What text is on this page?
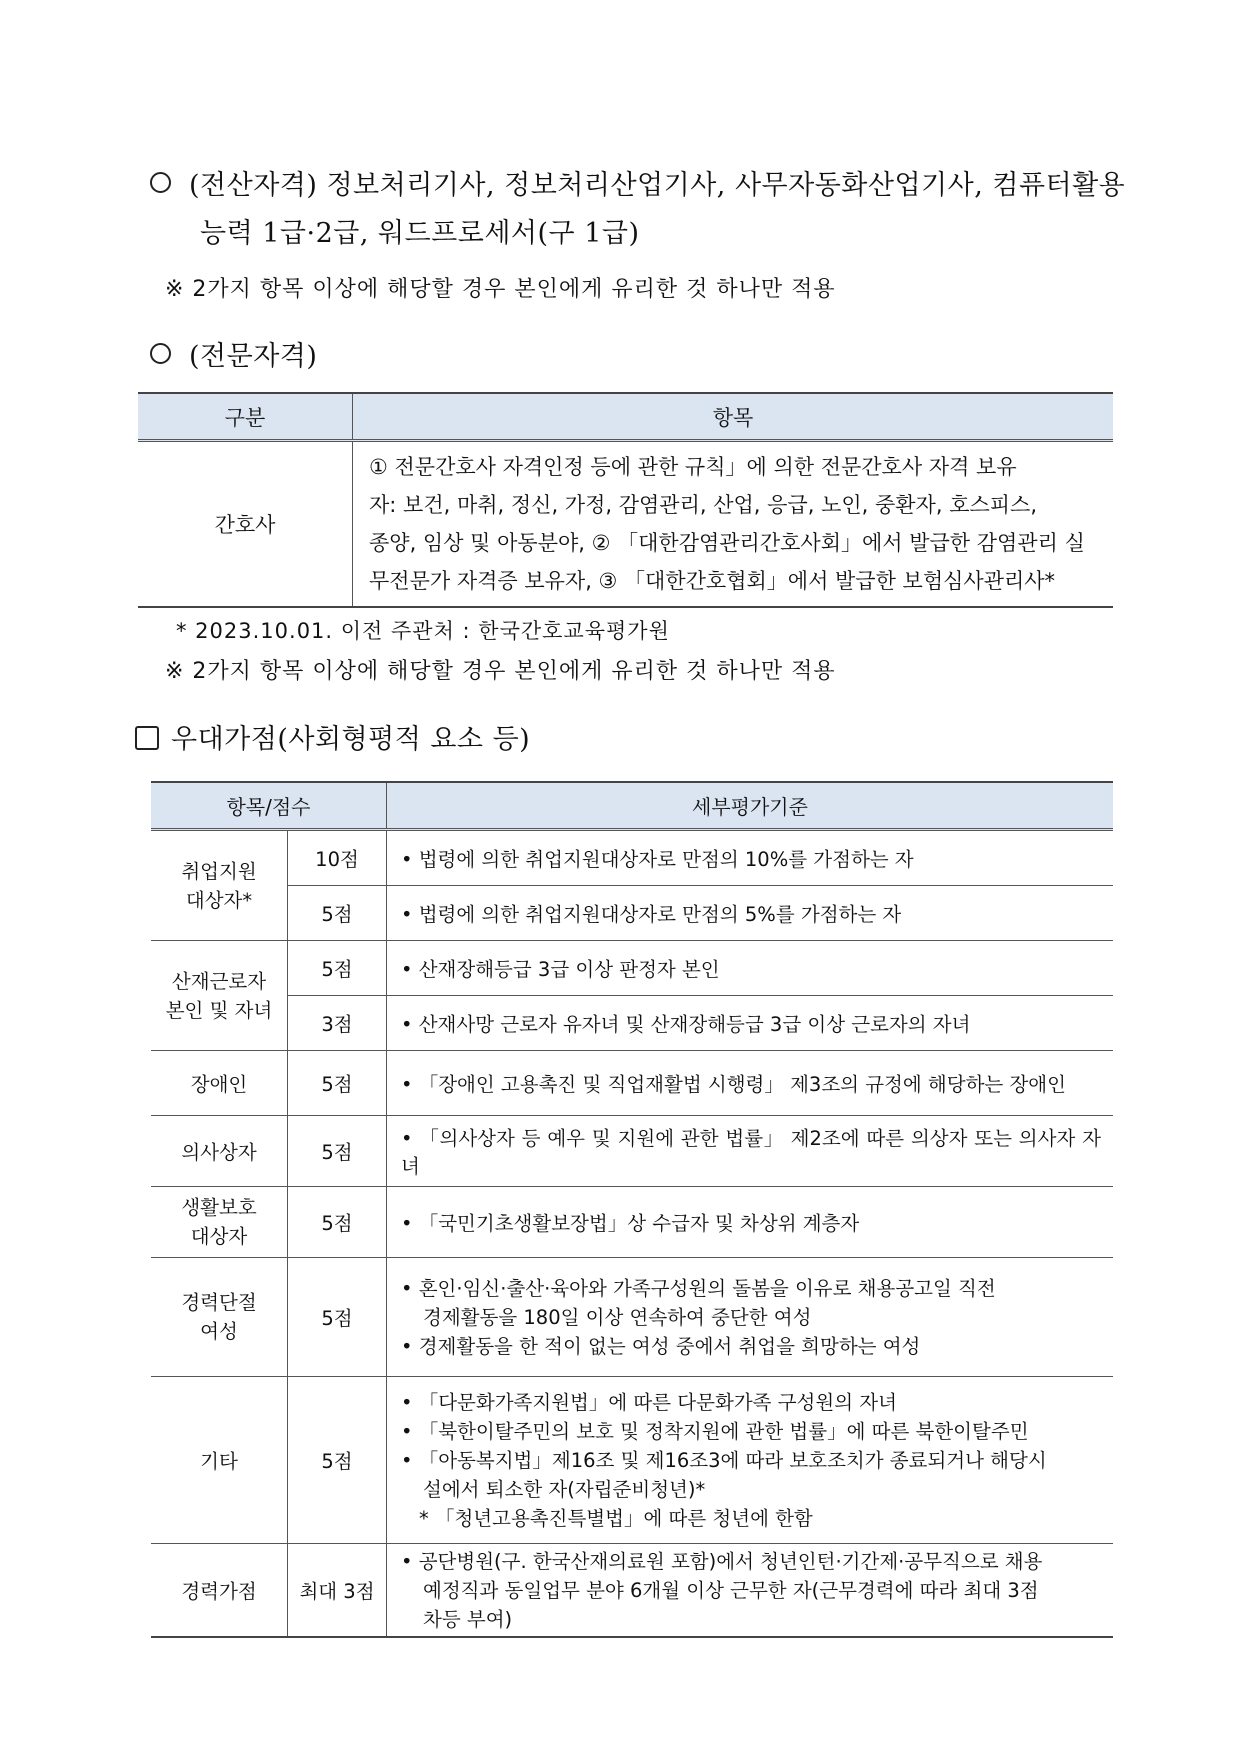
(전산자격) 정보처리기사, 정보처리산업기사, 사무자동화산업기사, 컴퓨터활용
능력 1급·2급, 워드프로세서(구 1급)
※ 2가지 항목 이상에 해당할 경우 본인에게 유리한 것 하나만 적용
(전문자격)
구분	항목
간호사	① 전문간호사 자격인정 등에 관한 규칙」에 의한 전문간호사 자격 보유
자: 보건, 마취, 정신, 가정, 감염관리, 산업, 응급, 노인, 중환자, 호스피스,
종양, 임상 및 아동분야, ② 「대한감염관리간호사회」에서 발급한 감염관리 실
무전문가 자격증 보유자, ③ 「대한간호협회」에서 발급한 보험심사관리사*
* 2023.10.01. 이전 주관처 : 한국간호교육평가원
※ 2가지 항목 이상에 해당할 경우 본인에게 유리한 것 하나만 적용
우대가점(사회형평적 요소 등)
항목/점수		세부평가기준

취업지원
대상자*	10점	• 법령에 의한 취업지원대상자로 만점의 10%를 가점하는 자
	5점	• 법령에 의한 취업지원대상자로 만점의 5%를 가점하는 자

산재근로자
본인 및 자녀	5점	• 산재장해등급 3급 이상 판정자 본인
	3점	• 산재사망 근로자 유자녀 및 산재장해등급 3급 이상 근로자의 자녀
장애인	5점	• 「장애인 고용촉진 및 직업재활법 시행령」 제3조의 규정에 해당하는 장애인
의사상자	5점	• 「의사상자 등 예우 및 지원에 관한 법률」 제2조에 따른 의상자 또는 의사자 자녀

생활보호
대상자	5점	• 「국민기초생활보장법」상 수급자 및 차상위 계층자

경력단절
여성	5점	• 혼인·임신·출산·육아와 가족구성원의 돌봄을 이유로 채용공고일 직전
경제활동을 180일 이상 연속하여 중단한 여성
• 경제활동을 한 적이 없는 여성 중에서 취업을 희망하는 여성

기타	5점	• 「다문화가족지원법」에 따른 다문화가족 구성원의 자녀
• 「북한이탈주민의 보호 및 정착지원에 관한 법률」에 따른 북한이탈주민
• 「아동복지법」제16조 및 제16조3에 따라 보호조치가 종료되거나 해당시
설에서 퇴소한 자(자립준비청년)*
* 「청년고용촉진특별법」에 따른 청년에 한함

경력가점	최대 3점	• 공단병원(구. 한국산재의료원 포함)에서 청년인턴·기간제·공무직으로 채용
예정직과 동일업무 분야 6개월 이상 근무한 자(근무경력에 따라 최대 3점
차등 부여)
